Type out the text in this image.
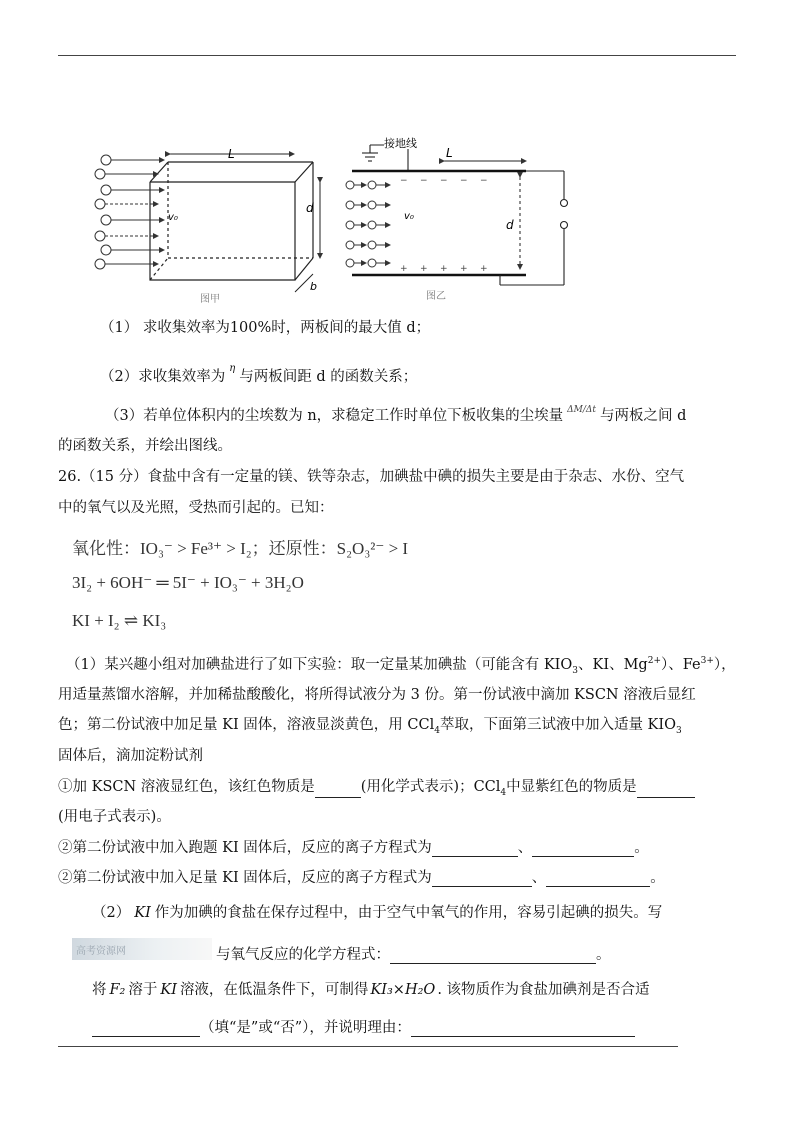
L
d
b
v₀
图甲
接地线
L
d
− − − − −
+ + + + +
v₀
图乙
（1） 求收集效率为100%时，两板间的最大值 d；
（2）求收集效率为$^\eta$与两板间距 d 的函数关系；
（3）若单位体积内的尘埃数为 n，求稳定工作时单位下板收集的尘埃量 $^{\Delta M/\Delta t}$ 与两板之间 d
的函数关系，并绘出图线。
26.（15 分）食盐中含有一定量的镁、铁等杂志，加碘盐中碘的损失主要是由于杂志、水份、空气
中的氧气以及光照，受热而引起的。已知：
氧化性：IO₃⁻ > Fe³⁺ > I₂；还原性：S₂O₃²⁻ > I
3I₂ + 6OH⁻ ═ 5I⁻ + IO₃⁻ + 3H₂O
KI + I₂ ⇌ KI₃
（1）某兴趣小组对加碘盐进行了如下实验：取一定量某加碘盐（可能含有 $KIO_3$、KI、$Mg^{2+}$）、$Fe^{3+}$），
用适量蒸馏水溶解，并加稀盐酸酸化，将所得试液分为 3 份。第一份试液中滴加 KSCN 溶液后显红
色；第二份试液中加足量 KI 固体，溶液显淡黄色，用 CCl$_4$萃取，下面第三试液中加入适量 $KIO_3$
固体后，滴加淀粉试剂
①加 KSCN 溶液显红色，该红色物质是	(用化学式表示)；CCl$_4$中显紫红色的物质是
(用电子式表示)。
②第二份试液中加入跑题 KI 固体后，反应的离子方程式为	、	。
②第二份试液中加入足量 KI 固体后，反应的离子方程式为	、	。
（2） KI 作为加碘的食盐在保存过程中，由于空气中氧气的作用，容易引起碘的损失。写
高考资源网	与氧气反应的化学方程式：	。
将 F₂ 溶于 KI 溶液，在低温条件下，可制得 KI₃×H₂O . 该物质作为食盐加碘剂是否合适
（填“是”或“否”），并说明理由：
